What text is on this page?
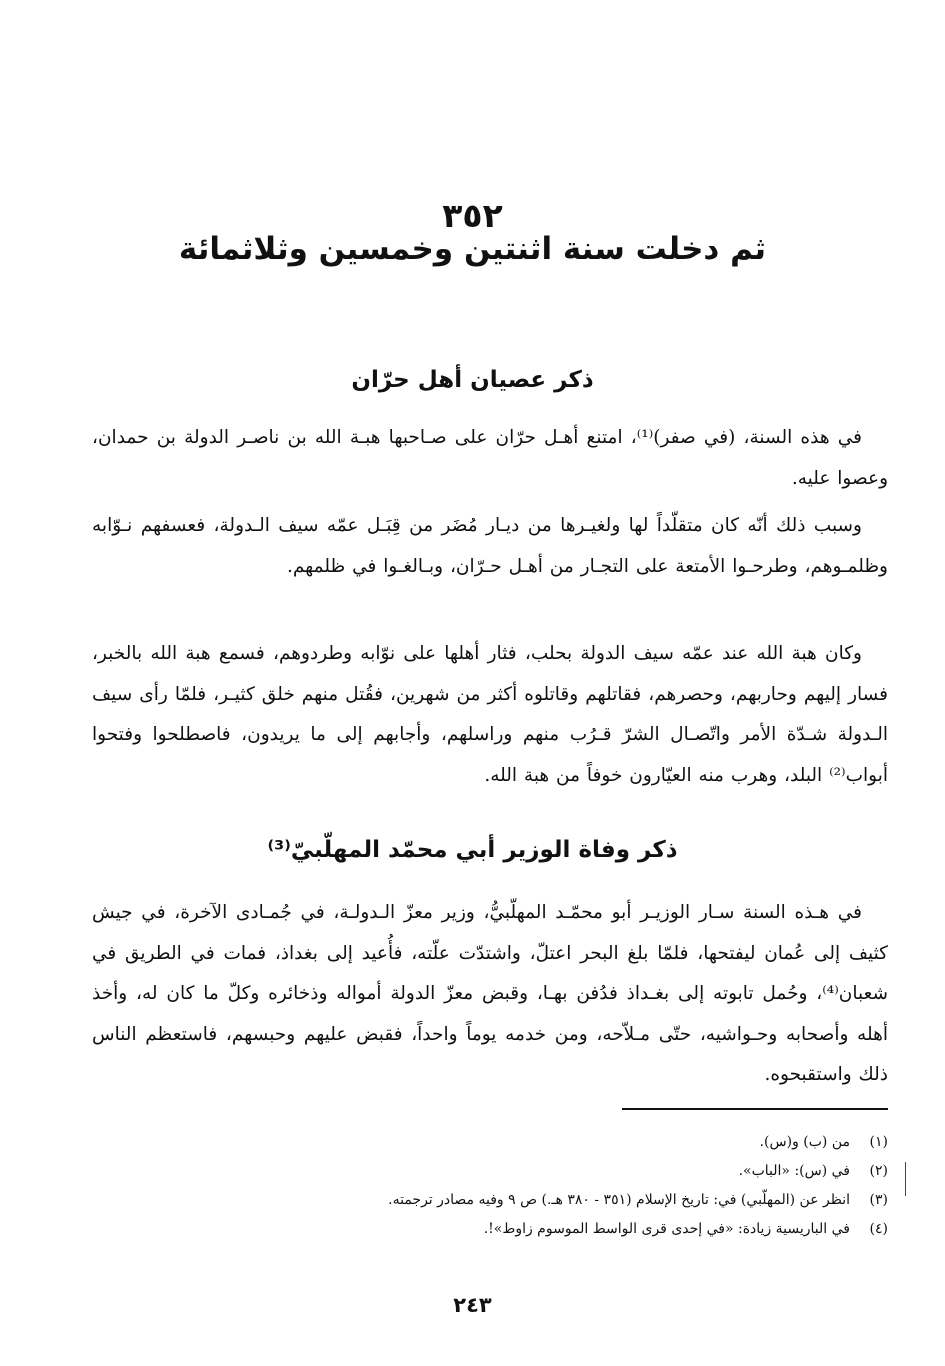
٣٥٢
ثم دخلت سنة اثنتين وخمسين وثلاثمائة
ذكر عصيان أهل حرّان
في هذه السنة، (في صفر)⁽¹⁾، امتنع أهـل حرّان على صـاحبها هبـة الله بن ناصـر الدولة بن حمدان، وعصوا عليه.
وسبب ذلك أنّه كان متقلّداً لها ولغيـرها من ديـار مُضَر من قِبَـل عمّه سيف الـدولة، فعسفهم نـوّابه وظلمـوهم، وطرحـوا الأمتعة على التجـار من أهـل حـرّان، وبـالغـوا في ظلمهم.
وكان هبة الله عند عمّه سيف الدولة بحلب، فثار أهلها على نوّابه وطردوهم، فسمع هبة الله بالخبر، فسار إليهم وحاربهم، وحصرهم، فقاتلهم وقاتلوه أكثر من شهرين، فقُتل منهم خلق كثيـر، فلمّا رأى سيف الـدولة شـدّة الأمر واتّصـال الشرّ قـرُب منهم وراسلهم، وأجابهم إلى ما يريدون، فاصطلحوا وفتحوا أبواب⁽²⁾ البلد، وهرب منه العيّارون خوفاً من هبة الله.
ذكر وفاة الوزير أبي محمّد المهلّبيّ⁽³⁾
في هـذه السنة سـار الوزيـر أبو محمّـد المهلّبيُّ، وزير معزّ الـدولـة، في جُمـادى الآخرة، في جيش كثيف إلى عُمان ليفتحها، فلمّا بلغ البحر اعتلّ، واشتدّت علّته، فأُعيد إلى بغداذ، فمات في الطريق في شعبان⁽⁴⁾، وحُمل تابوته إلى بغـداذ فدُفن بهـا، وقبض معزّ الدولة أمواله وذخائره وكلّ ما كان له، وأخذ أهله وأصحابه وحـواشيه، حتّى مـلاّحه، ومن خدمه يوماً واحداً، فقبض عليهم وحبسهم، فاستعظم الناس ذلك واستقبحوه.
(١)
من (ب) و(س).
(٢)
في (س): «الباب».
(٣)
انظر عن (المهلّبي) في: تاريخ الإسلام (٣٥١ - ٣٨٠ هـ.) ص ٩ وفيه مصادر ترجمته.
(٤)
في الباريسية زيادة: «في إحدى قرى الواسط الموسوم زاوط»!.
٢٤٣
